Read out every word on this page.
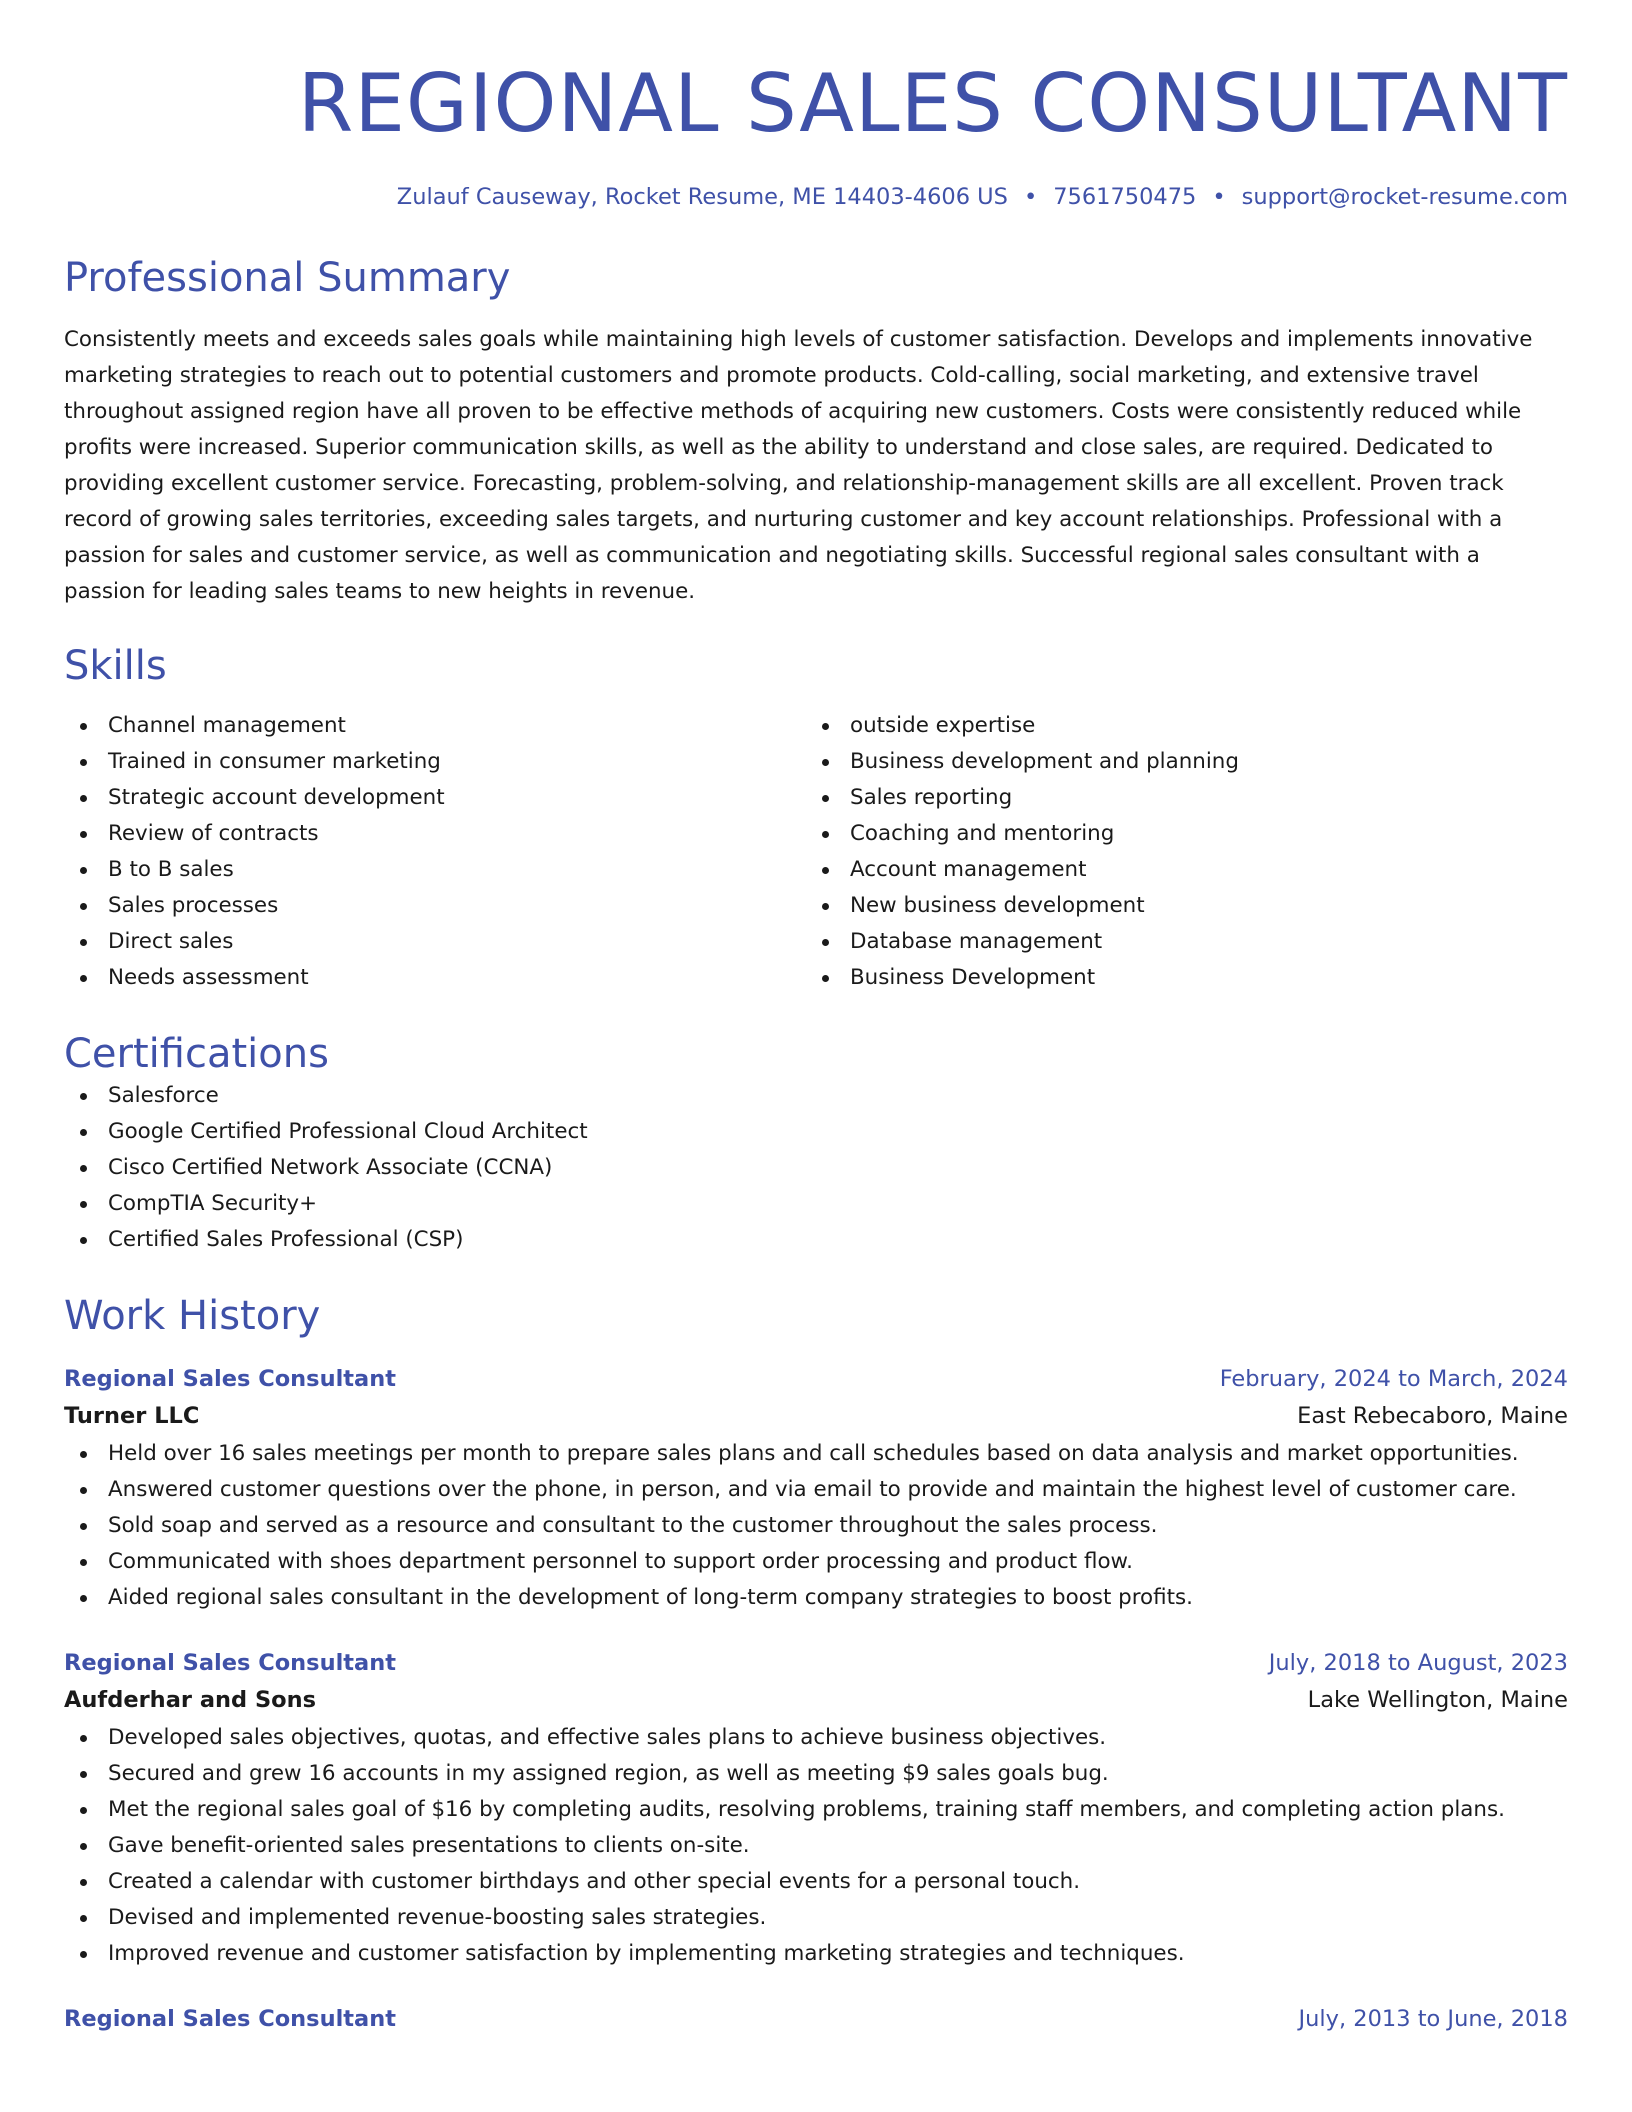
REGIONAL SALES CONSULTANT
Zulauf Causeway, Rocket Resume, ME 14403-4606 US • 7561750475 • support@rocket-resume.com
Professional Summary

Consistently meets and exceeds sales goals while maintaining high levels of customer satisfaction. Develops and implements innovative marketing strategies to reach out to potential customers and promote products. Cold-calling, social marketing, and extensive travel throughout assigned region have all proven to be effective methods of acquiring new customers. Costs were consistently reduced while profits were increased. Superior communication skills, as well as the ability to understand and close sales, are required. Dedicated to providing excellent customer service. Forecasting, problem-solving, and relationship-management skills are all excellent. Proven track record of growing sales territories, exceeding sales targets, and nurturing customer and key account relationships. Professional with a passion for sales and customer service, as well as communication and negotiating skills. Successful regional sales consultant with a passion for leading sales teams to new heights in revenue.

Skills
Channel management
Trained in consumer marketing
Strategic account development
Review of contracts
B to B sales
Sales processes
Direct sales
Needs assessment
outside expertise
Business development and planning
Sales reporting
Coaching and mentoring
Account management
New business development
Database management
Business Development
Certifications
Salesforce
Google Certified Professional Cloud Architect
Cisco Certified Network Associate (CCNA)
CompTIA Security+
Certified Sales Professional (CSP)
Work History
Regional Sales Consultant	February, 2024 to March, 2024
Turner LLC	East Rebecaboro, Maine
Held over 16 sales meetings per month to prepare sales plans and call schedules based on data analysis and market opportunities.
Answered customer questions over the phone, in person, and via email to provide and maintain the highest level of customer care.
Sold soap and served as a resource and consultant to the customer throughout the sales process.
Communicated with shoes department personnel to support order processing and product flow.
Aided regional sales consultant in the development of long-term company strategies to boost profits.
Regional Sales Consultant	July, 2018 to August, 2023
Aufderhar and Sons	Lake Wellington, Maine
Developed sales objectives, quotas, and effective sales plans to achieve business objectives.
Secured and grew 16 accounts in my assigned region, as well as meeting $9 sales goals bug.
Met the regional sales goal of $16 by completing audits, resolving problems, training staff members, and completing action plans.
Gave benefit-oriented sales presentations to clients on-site.
Created a calendar with customer birthdays and other special events for a personal touch.
Devised and implemented revenue-boosting sales strategies.
Improved revenue and customer satisfaction by implementing marketing strategies and techniques.
Regional Sales Consultant	July, 2013 to June, 2018
